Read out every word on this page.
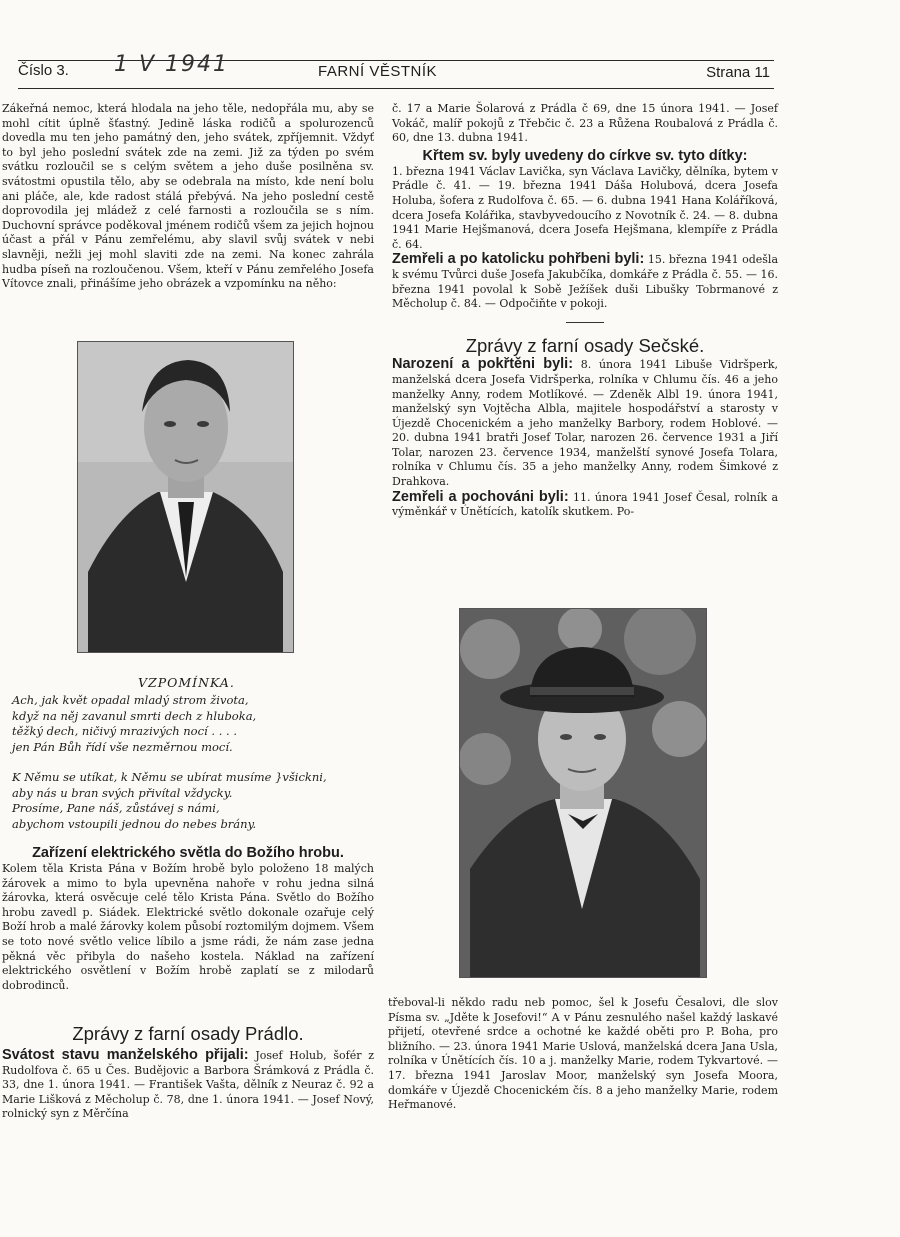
Číslo 3. 1 V 1941	FARNÍ VĚSTNÍK	Strana 11

Zákeřná nemoc, která hlodala na jeho těle, nedopřála mu, aby se mohl cítit úplně šťastný. Jedině láska rodičů a spolurozenců dovedla mu ten jeho památný den, jeho svátek, zpříjemnit. Vždyť to byl jeho poslední svátek zde na zemi. Již za týden po svém svátku rozloučil se s celým světem a jeho duše posilněna sv. svátostmi opustila tělo, aby se odebrala na místo, kde není bolu ani pláče, ale, kde radost stálá přebývá. Na jeho poslední cestě doprovodila jej mládež z celé farnosti a rozloučila se s ním. Duchovní správce poděkoval jménem rodičů všem za jejich hojnou účast a přál v Pánu zemřelému, aby slavil svůj svátek v nebi slavněji, nežli jej mohl slaviti zde na zemi. Na konec zahrála hudba píseň na rozloučenou. Všem, kteří v Pánu zemřelého Josefa Vítovce znali, přinášíme jeho obrázek a vzpomínku na něho:

VZPOMÍNKA.
Ach, jak květ opadal mladý strom života,
když na něj zavanul smrti dech z hluboka,
těžký dech, ničivý mrazivých nocí . . . .
jen Pán Bůh řídí vše nezměrnou mocí.
K Němu se utíkat, k Němu se ubírat musíme }všickni,
aby nás u bran svých přivítal vždycky.
Prosíme, Pane náš, zůstávej s námi,
abychom vstoupili jednou do nebes brány.
Zařízení elektrického světla do Božího hrobu.

Kolem těla Krista Pána v Božím hrobě bylo položeno 18 malých žárovek a mimo to byla upevněna nahoře v rohu jedna silná žárovka, která osvěcuje celé tělo Krista Pána. Světlo do Božího hrobu zavedl p. Siádek. Elektrické světlo dokonale ozařuje celý Boží hrob a malé žárovky kolem působí roztomilým dojmem. Všem se toto nové světlo velice líbilo a jsme rádi, že nám zase jedna pěkná věc přibyla do našeho kostela. Náklad na zařízení elektrického osvětlení v Božím hrobě zaplatí se z milodarů dobrodinců.

Zprávy z farní osady Prádlo.

Svátost stavu manželského přijali: Josef Holub, šofér z Rudolfova č. 65 u Čes. Budějovic a Barbora Šrámková z Prádla č. 33, dne 1. února 1941. — František Vašta, dělník z Neuraz č. 92 a Marie Lišková z Měcholup č. 78, dne 1. února 1941. — Josef Nový, rolnický syn z Měrčína

č. 17 a Marie Šolarová z Prádla č 69, dne 15 února 1941. — Josef Vokáč, malíř pokojů z Třebčic č. 23 a Růžena Roubalová z Prádla č. 60, dne 13. dubna 1941.

Křtem sv. byly uvedeny do církve sv. tyto dítky:

1. března 1941 Václav Lavička, syn Václava Lavičky, dělníka, bytem v Prádle č. 41. — 19. března 1941 Dáša Holubová, dcera Josefa Holuba, šofera z Rudolfova č. 65. — 6. dubna 1941 Hana Koláříková, dcera Josefa Kolářika, stavbyvedoucího z Novotník č. 24. — 8. dubna 1941 Marie Hejšmanová, dcera Josefa Hejšmana, klempíře z Prádla č. 64.

Zemřeli a po katolicku pohřbeni byli: 15. března 1941 odešla k svému Tvůrci duše Josefa Jakubčíka, domkáře z Prádla č. 55. — 16. března 1941 povolal k Sobě Ježíšek duši Libušky Tobrmanové z Měcholup č. 84. — Odpočiňte v pokoji.

Zprávy z farní osady Sečské.

Narození a pokřtěni byli: 8. února 1941 Libuše Vidršperk, manželská dcera Josefa Vidršperka, rolníka v Chlumu čís. 46 a jeho manželky Anny, rodem Motlíkové. — Zdeněk Albl 19. února 1941, manželský syn Vojtěcha Albla, majitele hospodářství a starosty v Újezdě Chocenickém a jeho manželky Barbory, rodem Hoblové. — 20. dubna 1941 bratři Josef Tolar, narozen 26. července 1931 a Jiří Tolar, narozen 23. července 1934, manželští synové Josefa Tolara, rolníka v Chlumu čís. 35 a jeho manželky Anny, rodem Šimkové z Drahkova.

Zemřeli a pochováni byli: 11. února 1941 Josef Česal, rolník a výměnkář v Únětících, katolík skutkem. Po-

třeboval-li někdo radu neb pomoc, šel k Josefu Česalovi, dle slov Písma sv. „Jděte k Josefovi!“ A v Pánu zesnulého našel každý laskavé přijetí, otevřené srdce a ochotné ke každé oběti pro P. Boha, pro bližního. — 23. února 1941 Marie Uslová, manželská dcera Jana Usla, rolníka v Únětících čís. 10 a j. manželky Marie, rodem Tykvartové. — 17. března 1941 Jaroslav Moor, manželský syn Josefa Moora, domkáře v Újezdě Chocenickém čís. 8 a jeho manželky Marie, rodem Heřmanové.
